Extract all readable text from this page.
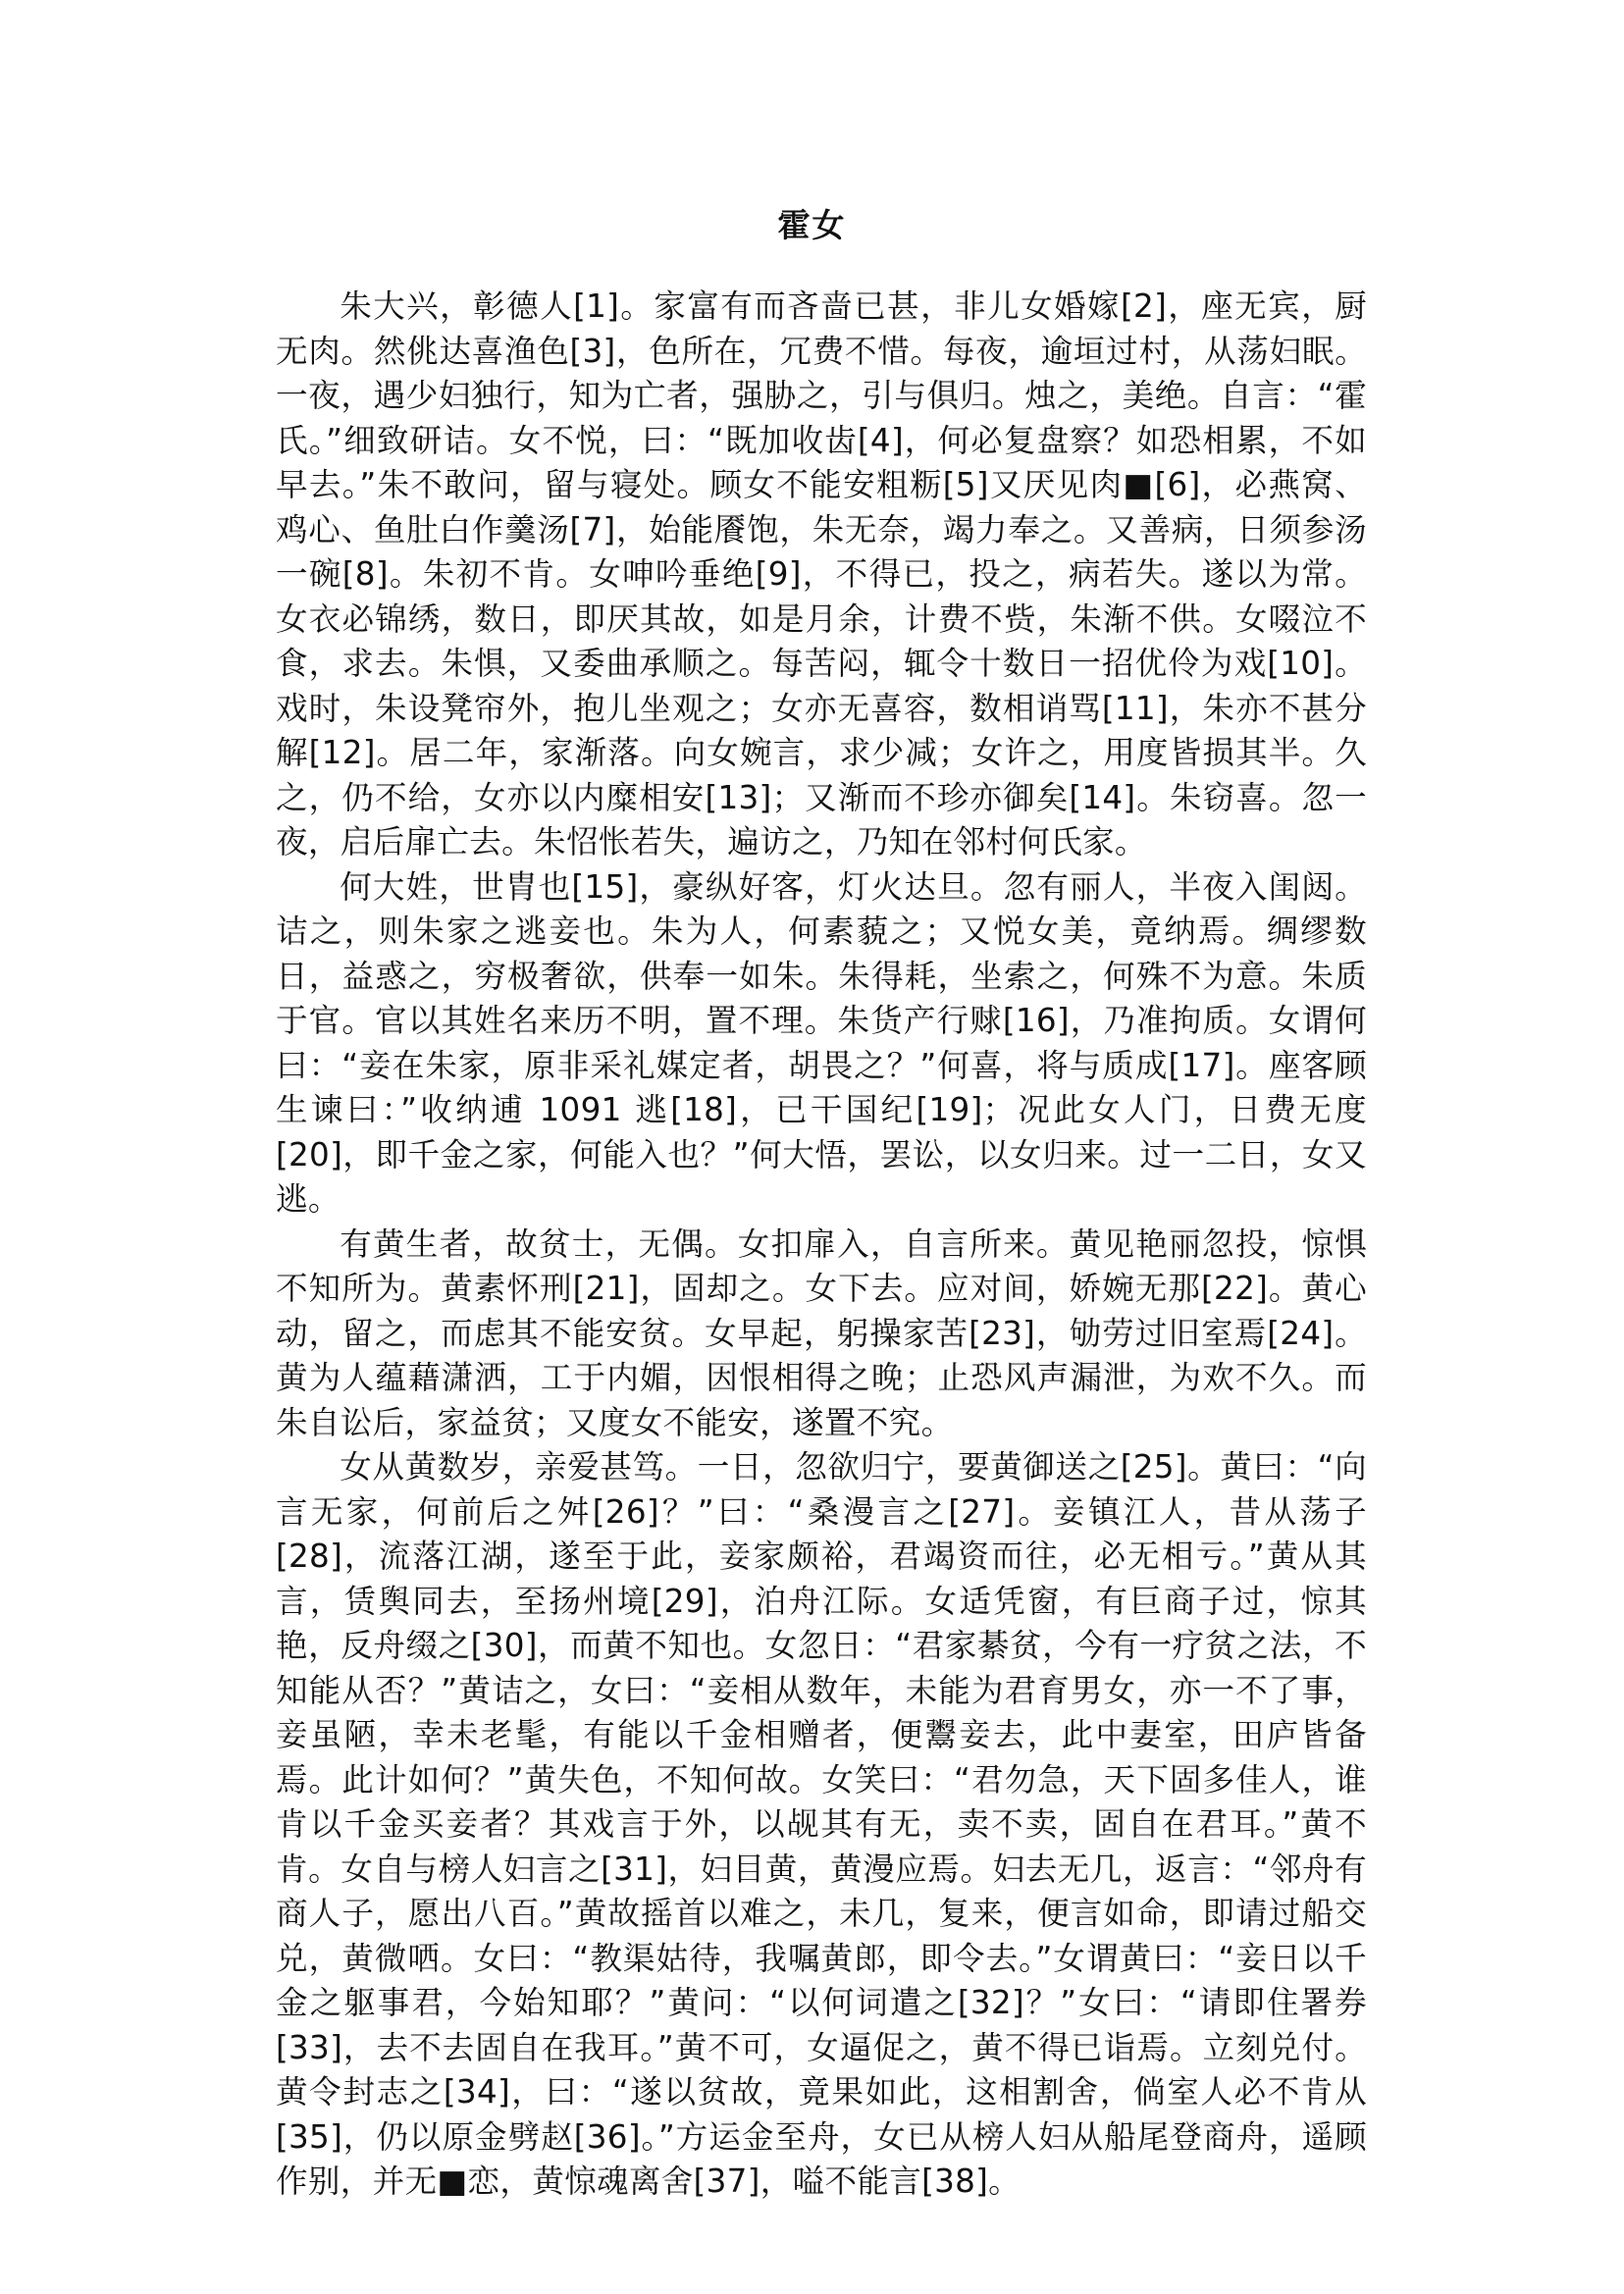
霍女

朱大兴，彰德人[1]。家富有而吝啬已甚，非儿女婚嫁[2]，座无宾，厨无肉。然佻达喜渔色[3]，色所在，冗费不惜。每夜，逾垣过村，从荡妇眠。一夜，遇少妇独行，知为亡者，强胁之，引与俱归。烛之，美绝。自言：“霍氏。”细致研诘。女不悦，曰：“既加收齿[4]，何必复盘察？如恐相累，不如早去。”朱不敢问，留与寝处。顾女不能安粗粝[5]又厌见肉■[6]，必燕窝、鸡心、鱼肚白作羹汤[7]，始能餍饱，朱无奈，竭力奉之。又善病，日须参汤一碗[8]。朱初不肯。女呻吟垂绝[9]，不得已，投之，病若失。遂以为常。女衣必锦绣，数日，即厌其故，如是月余，计费不赀，朱渐不供。女啜泣不食，求去。朱惧，又委曲承顺之。每苦闷，辄令十数日一招优伶为戏[10]。戏时，朱设凳帘外，抱儿坐观之；女亦无喜容，数相诮骂[11]，朱亦不甚分解[12]。居二年，家渐落。向女婉言，求少减；女许之，用度皆损其半。久之，仍不给，女亦以内糜相安[13]；又渐而不珍亦御矣[14]。朱窃喜。忽一夜，启后扉亡去。朱怊怅若失，遍访之，乃知在邻村何氏家。

何大姓，世胄也[15]，豪纵好客，灯火达旦。忽有丽人，半夜入闺闼。诘之，则朱家之逃妾也。朱为人，何素藐之；又悦女美，竟纳焉。绸缪数日，益惑之，穷极奢欲，供奉一如朱。朱得耗，坐索之，何殊不为意。朱质于官。官以其姓名来历不明，置不理。朱货产行赇[16]，乃准拘质。女谓何曰：“妾在朱家，原非采礼媒定者，胡畏之？”何喜，将与质成[17]。座客顾生谏曰：”收纳逋 1091 逃[18]，已干国纪[19]；况此女人门，日费无度[20]，即千金之家，何能入也？”何大悟，罢讼，以女归来。过一二日，女又逃。

有黄生者，故贫士，无偶。女扣扉入，自言所来。黄见艳丽忽投，惊惧不知所为。黄素怀刑[21]，固却之。女下去。应对间，娇婉无那[22]。黄心动，留之，而虑其不能安贫。女早起，躬操家苦[23]，劬劳过旧室焉[24]。黄为人蕴藉潇洒，工于内媚，因恨相得之晚；止恐风声漏泄，为欢不久。而朱自讼后，家益贫；又度女不能安，遂置不究。

女从黄数岁，亲爱甚笃。一日，忽欲归宁，要黄御送之[25]。黄曰：“向言无家，何前后之舛[26]？”曰：“桑漫言之[27]。妾镇江人，昔从荡子[28]，流落江湖，遂至于此，妾家颇裕，君竭资而往，必无相亏。”黄从其言，赁舆同去，至扬州境[29]，泊舟江际。女适凭窗，有巨商子过，惊其艳，反舟缀之[30]，而黄不知也。女忽日：“君家綦贫，今有一疗贫之法，不知能从否？”黄诘之，女曰：“妾相从数年，未能为君育男女，亦一不了事，妾虽陋，幸未老髦，有能以千金相赠者，便鬻妾去，此中妻室，田庐皆备焉。此计如何？”黄失色，不知何故。女笑曰：“君勿急，天下固多佳人，谁肯以千金买妾者？其戏言于外，以觇其有无，卖不卖，固自在君耳。”黄不肯。女自与榜人妇言之[31]，妇目黄，黄漫应焉。妇去无几，返言：“邻舟有商人子，愿出八百。”黄故摇首以难之，未几，复来，便言如命，即请过船交兑，黄微哂。女曰：“教渠姑待，我嘱黄郎，即令去。”女谓黄曰：“妾日以千金之躯事君，今始知耶？”黄问：“以何词遣之[32]？”女曰：“请即住署券[33]，去不去固自在我耳。”黄不可，女逼促之，黄不得已诣焉。立刻兑付。黄令封志之[34]，曰：“遂以贫故，竟果如此，这相割舍，倘室人必不肯从[35]，仍以原金劈赵[36]。”方运金至舟，女已从榜人妇从船尾登商舟，遥顾作别，并无■恋，黄惊魂离舍[37]，嗌不能言[38]。
